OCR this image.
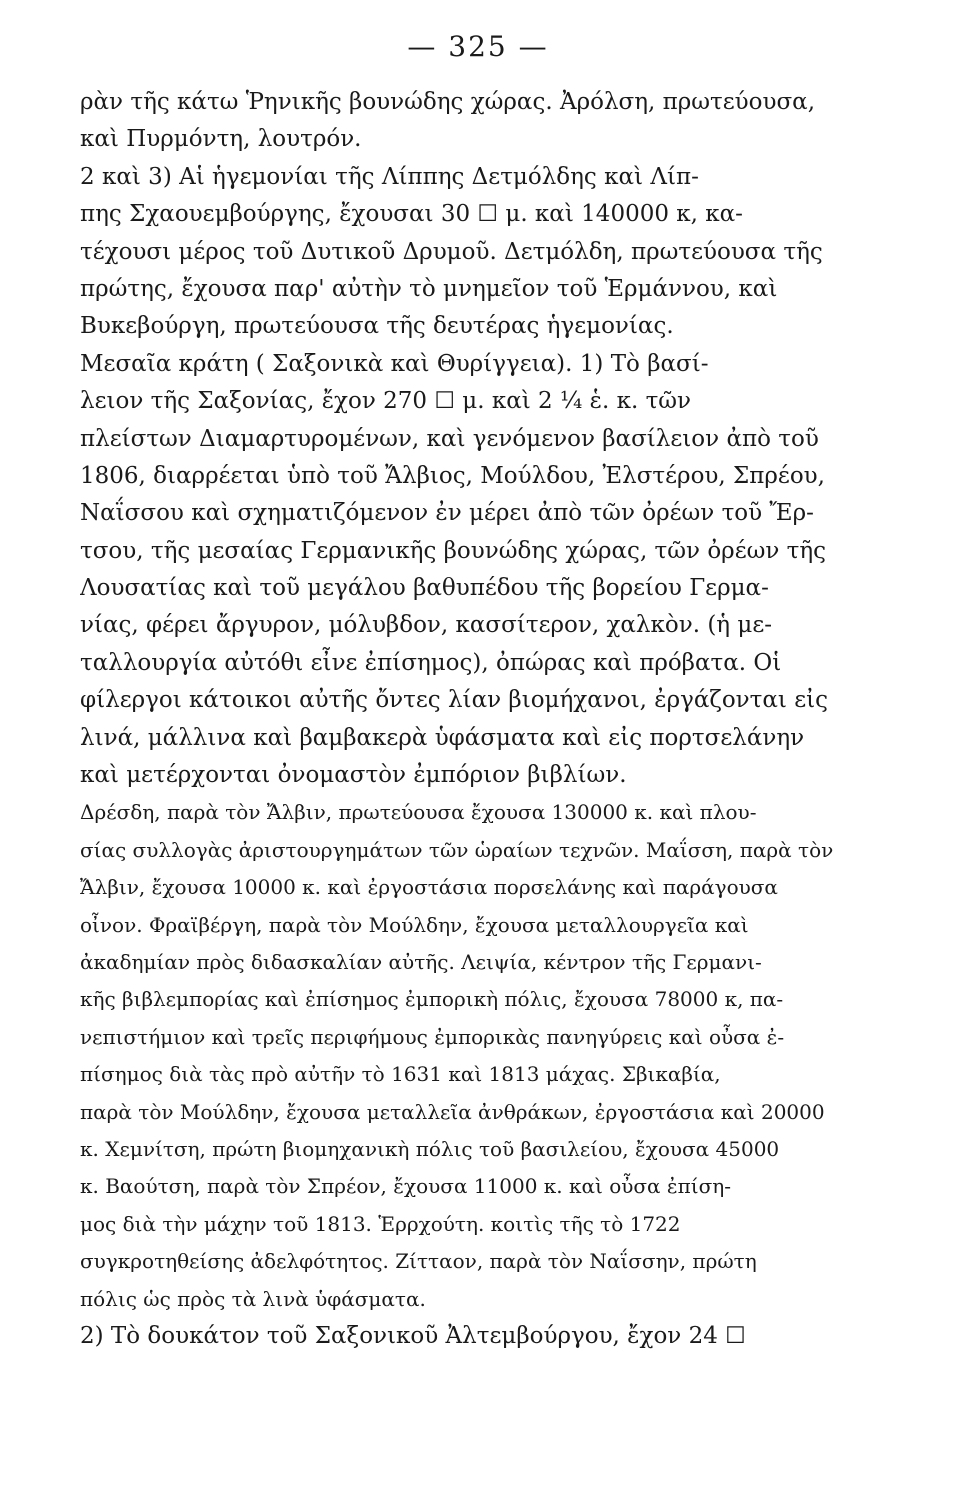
— 325 —
ρὰν τῆς κάτω Ῥηνικῆς βουνώδης χώρας. Ἀρόλση, πρωτεύουσα,
καὶ Πυρμόντη, λουτρόν.
2 καὶ 3) Αἱ ἡγεμονίαι τῆς Λίππης Δετμόλδης καὶ Λίπ-
πης Σχαουεμβούργης, ἔχουσαι 30 ☐ μ. καὶ 140000 κ, κα-
τέχουσι μέρος τοῦ Δυτικοῦ Δρυμοῦ. Δετμόλδη, πρωτεύουσα τῆς
πρώτης, ἔχουσα παρ' αὐτὴν τὸ μνημεῖον τοῦ Ἑρμάννου, καὶ
Βυκεβούργη, πρωτεύουσα τῆς δευτέρας ἡγεμονίας.
Μεσαῖα κράτη ( Σαξονικὰ καὶ Θυρίγγεια). 1) Τὸ βασί-
λειον τῆς Σαξονίας, ἔχον 270 ☐ μ. καὶ 2 ¼ ἑ. κ. τῶν
πλείστων Διαμαρτυρομένων, καὶ γενόμενον βασίλειον ἀπὸ τοῦ
1806, διαρρέεται ὑπὸ τοῦ Ἄλβιος, Μούλδου, Ἐλστέρου, Σπρέου,
Ναΐσσου καὶ σχηματιζόμενον ἐν μέρει ἀπὸ τῶν ὀρέων τοῦ Ἔρ-
τσου, τῆς μεσαίας Γερμανικῆς βουνώδης χώρας, τῶν ὀρέων τῆς
Λουσατίας καὶ τοῦ μεγάλου βαθυπέδου τῆς βορείου Γερμα-
νίας, φέρει ἄργυρον, μόλυβδον, κασσίτερον, χαλκὸν. (ἡ με-
ταλλουργία αὐτόθι εἶνε ἐπίσημος), ὀπώρας καὶ πρόβατα. Οἱ
φίλεργοι κάτοικοι αὐτῆς ὄντες λίαν βιομήχανοι, ἐργάζονται εἰς
λινά, μάλλινα καὶ βαμβακερὰ ὑφάσματα καὶ εἰς πορτσελάνην
καὶ μετέρχονται ὀνομαστὸν ἐμπόριον βιβλίων.
Δρέσδη, παρὰ τὸν Ἄλβιν, πρωτεύουσα ἔχουσα 130000 κ. καὶ πλου-
σίας συλλογὰς ἀριστουργημάτων τῶν ὡραίων τεχνῶν. Μαΐσση, παρὰ τὸν
Ἄλβιν, ἔχουσα 10000 κ. καὶ ἐργοστάσια πορσελάνης καὶ παράγουσα
οἶνον. Φραϊβέργη, παρὰ τὸν Μούλδην, ἔχουσα μεταλλουργεῖα καὶ
ἀκαδημίαν πρὸς διδασκαλίαν αὐτῆς. Λειψία, κέντρον τῆς Γερμανι-
κῆς βιβλεμπορίας καὶ ἐπίσημος ἐμπορικὴ πόλις, ἔχουσα 78000 κ, πα-
νεπιστήμιον καὶ τρεῖς περιφήμους ἐμπορικὰς πανηγύρεις καὶ οὖσα ἐ-
πίσημος διὰ τὰς πρὸ αὐτῆν τὸ 1631 καὶ 1813 μάχας. Σβικαβία,
παρὰ τὸν Μούλδην, ἔχουσα μεταλλεῖα ἀνθράκων, ἐργοστάσια καὶ 20000
κ. Χεμνίτση, πρώτη βιομηχανικὴ πόλις τοῦ βασιλείου, ἔχουσα 45000
κ. Βαούτση, παρὰ τὸν Σπρέον, ἔχουσα 11000 κ. καὶ οὖσα ἐπίση-
μος διὰ τὴν μάχην τοῦ 1813. Ἑρρχούτη. κοιτὶς τῆς τὸ 1722
συγκροτηθείσης ἀδελφότητος. Ζίτταον, παρὰ τὸν Ναΐσσην, πρώτη
πόλις ὡς πρὸς τὰ λινὰ ὑφάσματα.
2) Τὸ δουκάτον τοῦ Σαξονικοῦ Ἀλτεμβούργου, ἔχον 24 ☐
